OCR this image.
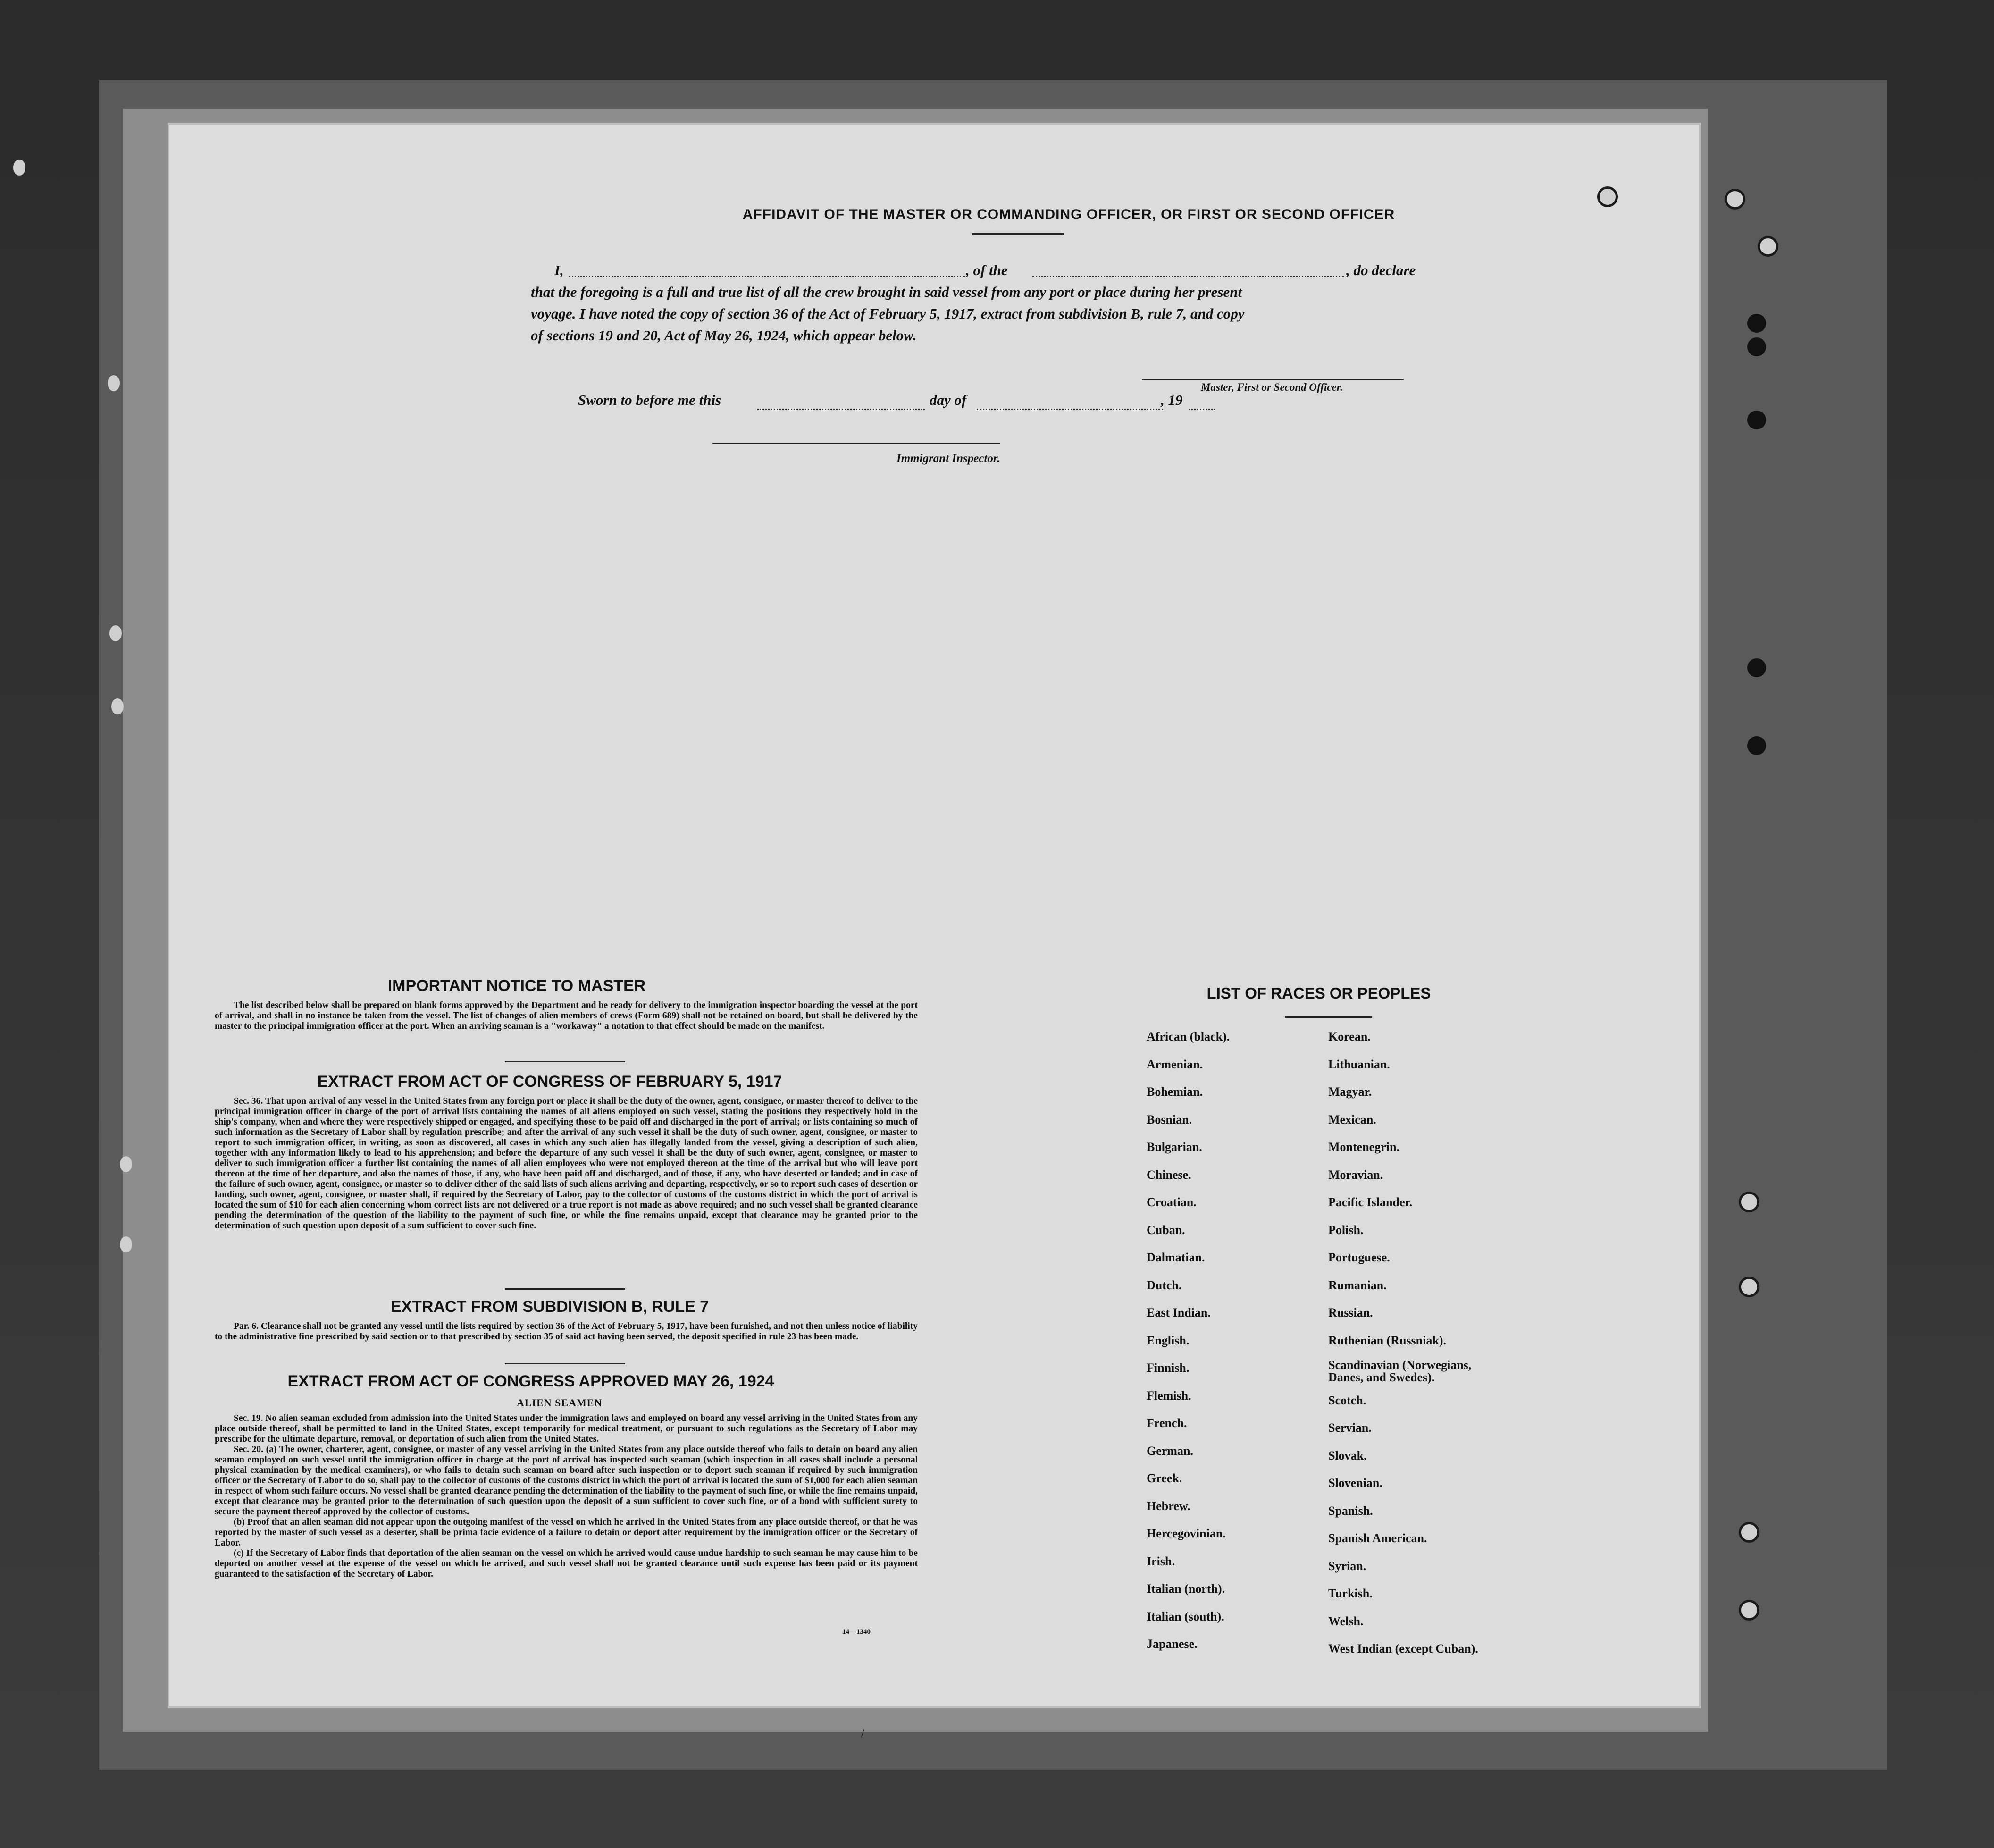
AFFIDAVIT OF THE MASTER OR COMMANDING OFFICER, OR FIRST OR SECOND OFFICER
I,	, of the	, do declare
that the foregoing is a full and true list of all the crew brought in said vessel from any port or place during her present
voyage. I have noted the copy of section 36 of the Act of February 5, 1917, extract from subdivision B, rule 7, and copy
of sections 19 and 20, Act of May 26, 1924, which appear below.
Master, First or Second Officer.
Sworn to before me this	day of	, 19
Immigrant Inspector.
IMPORTANT NOTICE TO MASTER

The list described below shall be prepared on blank forms approved by the Department and be ready for delivery to the immigration inspector boarding the vessel at the port of arrival, and shall in no instance be taken from the vessel. The list of changes of alien members of crews (Form 689) shall not be retained on board, but shall be delivered by the master to the principal immigration officer at the port. When an arriving seaman is a "workaway" a notation to that effect should be made on the manifest.

EXTRACT FROM ACT OF CONGRESS OF FEBRUARY 5, 1917

Sec. 36. That upon arrival of any vessel in the United States from any foreign port or place it shall be the duty of the owner, agent, consignee, or master thereof to deliver to the principal immigration officer in charge of the port of arrival lists containing the names of all aliens employed on such vessel, stating the positions they respectively hold in the ship's company, when and where they were respectively shipped or engaged, and specifying those to be paid off and discharged in the port of arrival; or lists containing so much of such information as the Secretary of Labor shall by regulation prescribe; and after the arrival of any such vessel it shall be the duty of such owner, agent, consignee, or master to report to such immigration officer, in writing, as soon as discovered, all cases in which any such alien has illegally landed from the vessel, giving a description of such alien, together with any information likely to lead to his apprehension; and before the departure of any such vessel it shall be the duty of such owner, agent, consignee, or master to deliver to such immigration officer a further list containing the names of all alien employees who were not employed thereon at the time of the arrival but who will leave port thereon at the time of her departure, and also the names of those, if any, who have been paid off and discharged, and of those, if any, who have deserted or landed; and in case of the failure of such owner, agent, consignee, or master so to deliver either of the said lists of such aliens arriving and departing, respectively, or so to report such cases of desertion or landing, such owner, agent, consignee, or master shall, if required by the Secretary of Labor, pay to the collector of customs of the customs district in which the port of arrival is located the sum of $10 for each alien concerning whom correct lists are not delivered or a true report is not made as above required; and no such vessel shall be granted clearance pending the determination of the question of the liability to the payment of such fine, or while the fine remains unpaid, except that clearance may be granted prior to the determination of such question upon deposit of a sum sufficient to cover such fine.

EXTRACT FROM SUBDIVISION B, RULE 7

Par. 6. Clearance shall not be granted any vessel until the lists required by section 36 of the Act of February 5, 1917, have been furnished, and not then unless notice of liability to the administrative fine prescribed by said section or to that prescribed by section 35 of said act having been served, the deposit specified in rule 23 has been made.

EXTRACT FROM ACT OF CONGRESS APPROVED MAY 26, 1924
ALIEN SEAMEN

Sec. 19. No alien seaman excluded from admission into the United States under the immigration laws and employed on board any vessel arriving in the United States from any place outside thereof, shall be permitted to land in the United States, except temporarily for medical treatment, or pursuant to such regulations as the Secretary of Labor may prescribe for the ultimate departure, removal, or deportation of such alien from the United States.

Sec. 20. (a) The owner, charterer, agent, consignee, or master of any vessel arriving in the United States from any place outside thereof who fails to detain on board any alien seaman employed on such vessel until the immigration officer in charge at the port of arrival has inspected such seaman (which inspection in all cases shall include a personal physical examination by the medical examiners), or who fails to detain such seaman on board after such inspection or to deport such seaman if required by such immigration officer or the Secretary of Labor to do so, shall pay to the collector of customs of the customs district in which the port of arrival is located the sum of $1,000 for each alien seaman in respect of whom such failure occurs. No vessel shall be granted clearance pending the determination of the liability to the payment of such fine, or while the fine remains unpaid, except that clearance may be granted prior to the determination of such question upon the deposit of a sum sufficient to cover such fine, or of a bond with sufficient surety to secure the payment thereof approved by the collector of customs.

(b) Proof that an alien seaman did not appear upon the outgoing manifest of the vessel on which he arrived in the United States from any place outside thereof, or that he was reported by the master of such vessel as a deserter, shall be prima facie evidence of a failure to detain or deport after requirement by the immigration officer or the Secretary of Labor.

(c) If the Secretary of Labor finds that deportation of the alien seaman on the vessel on which he arrived would cause undue hardship to such seaman he may cause him to be deported on another vessel at the expense of the vessel on which he arrived, and such vessel shall not be granted clearance until such expense has been paid or its payment guaranteed to the satisfaction of the Secretary of Labor.

14—1340
LIST OF RACES OR PEOPLES
African (black).
Armenian.
Bohemian.
Bosnian.
Bulgarian.
Chinese.
Croatian.
Cuban.
Dalmatian.
Dutch.
East Indian.
English.
Finnish.
Flemish.
French.
German.
Greek.
Hebrew.
Hercegovinian.
Irish.
Italian (north).
Italian (south).
Japanese.
Korean.
Lithuanian.
Magyar.
Mexican.
Montenegrin.
Moravian.
Pacific Islander.
Polish.
Portuguese.
Rumanian.
Russian.
Ruthenian (Russniak).
Scandinavian (Norwegians,
Danes, and Swedes).
Scotch.
Servian.
Slovak.
Slovenian.
Spanish.
Spanish American.
Syrian.
Turkish.
Welsh.
West Indian (except Cuban).
/
